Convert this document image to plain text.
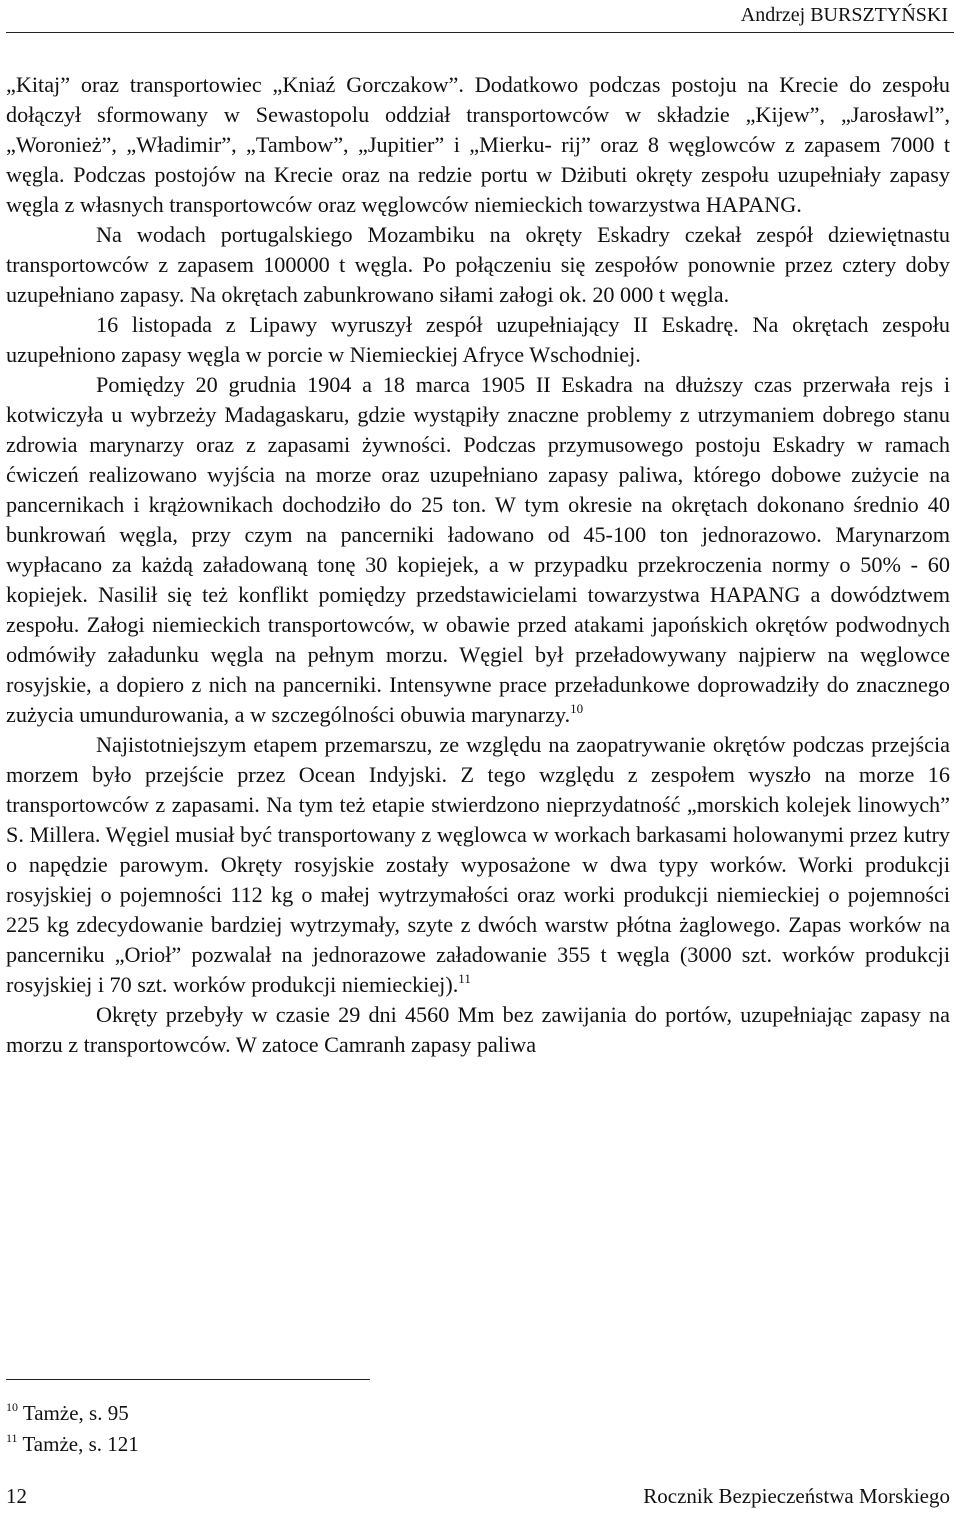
Andrzej BURSZTYŃSKI

„Kitaj” oraz transportowiec „Kniaź Gorczakow”. Dodatkowo podczas postoju na Krecie do zespołu dołączył sformowany w Sewastopolu oddział transportowców w składzie „Kijew”, „Jarosławl”, „Woronież”, „Władimir”, „Tambow”, „Jupitier” i „Mierku- rij” oraz 8 węglowców z zapasem 7000 t węgla. Podczas postojów na Krecie oraz na redzie portu w Dżibuti okręty zespołu uzupełniały zapasy węgla z własnych transportowców oraz węglowców niemieckich towarzystwa HAPANG.

Na wodach portugalskiego Mozambiku na okręty Eskadry czekał zespół dziewiętnastu transportowców z zapasem 100000 t węgla. Po połączeniu się zespołów ponownie przez cztery doby uzupełniano zapasy. Na okrętach zabunkrowano siłami załogi ok. 20 000 t węgla.

16 listopada z Lipawy wyruszył zespół uzupełniający II Eskadrę. Na okrętach zespołu uzupełniono zapasy węgla w porcie w Niemieckiej Afryce Wschodniej.

Pomiędzy 20 grudnia 1904 a 18 marca 1905 II Eskadra na dłuższy czas przerwała rejs i kotwiczyła u wybrzeży Madagaskaru, gdzie wystąpiły znaczne problemy z utrzymaniem dobrego stanu zdrowia marynarzy oraz z zapasami żywności. Podczas przymusowego postoju Eskadry w ramach ćwiczeń realizowano wyjścia na morze oraz uzupełniano zapasy paliwa, którego dobowe zużycie na pancernikach i krążownikach dochodziło do 25 ton. W tym okresie na okrętach dokonano średnio 40 bunkrowań węgla, przy czym na pancerniki ładowano od 45-100 ton jednorazowo. Marynarzom wypłacano za każdą załadowaną tonę 30 kopiejek, a w przypadku przekroczenia normy o 50% - 60 kopiejek. Nasilił się też konflikt pomiędzy przedstawicielami towarzystwa HAPANG a dowództwem zespołu. Załogi niemieckich transportowców, w obawie przed atakami japońskich okrętów podwodnych odmówiły załadunku węgla na pełnym morzu. Węgiel był przeładowywany najpierw na węglowce rosyjskie, a dopiero z nich na pancerniki. Intensywne prace przeładunkowe doprowadziły do znacznego zużycia umundurowania, a w szczególności obuwia marynarzy.$^{10}$

Najistotniejszym etapem przemarszu, ze względu na zaopatrywanie okrętów podczas przejścia morzem było przejście przez Ocean Indyjski. Z tego względu z zespołem wyszło na morze 16 transportowców z zapasami. Na tym też etapie stwierdzono nieprzydatność „morskich kolejek linowych” S. Millera. Węgiel musiał być transportowany z węglowca w workach barkasami holowanymi przez kutry o napędzie parowym. Okręty rosyjskie zostały wyposażone w dwa typy worków. Worki produkcji rosyjskiej o pojemności 112 kg o małej wytrzymałości oraz worki produkcji niemieckiej o pojemności 225 kg zdecydowanie bardziej wytrzymały, szyte z dwóch warstw płótna żaglowego. Zapas worków na pancerniku „Orioł” pozwalał na jednorazowe załadowanie 355 t węgla (3000 szt. worków produkcji rosyjskiej i 70 szt. worków produkcji niemieckiej).$^{11}$

Okręty przebyły w czasie 29 dni 4560 Mm bez zawijania do portów, uzupełniając zapasy na morzu z transportowców. W zatoce Camranh zapasy paliwa

$^{10}$ Tamże, s. 95
$^{11}$ Tamże, s. 121
12	Rocznik Bezpieczeństwa Morskiego
